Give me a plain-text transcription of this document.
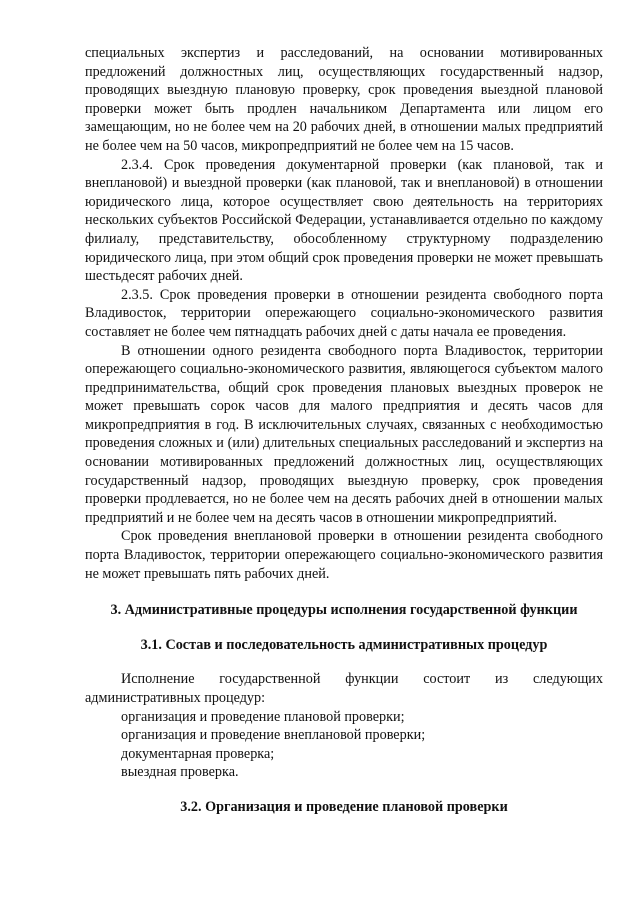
специальных экспертиз и расследований, на основании мотивированных предложений должностных лиц, осуществляющих государственный надзор, проводящих выездную плановую проверку, срок проведения выездной плановой проверки может быть продлен начальником Департамента или лицом его замещающим, но не более чем на 20 рабочих дней, в отношении малых предприятий не более чем на 50 часов, микропредприятий не более чем на 15 часов.

2.3.4. Срок проведения документарной проверки (как плановой, так и внеплановой) и выездной проверки (как плановой, так и внеплановой) в отношении юридического лица, которое осуществляет свою деятельность на территориях нескольких субъектов Российской Федерации, устанавливается отдельно по каждому филиалу, представительству, обособленному структурному подразделению юридического лица, при этом общий срок проведения проверки не может превышать шестьдесят рабочих дней.

2.3.5. Срок проведения проверки в отношении резидента свободного порта Владивосток, территории опережающего социально-экономического развития составляет не более чем пятнадцать рабочих дней с даты начала ее проведения.

В отношении одного резидента свободного порта Владивосток, территории опережающего социально-экономического развития, являющегося субъектом малого предпринимательства, общий срок проведения плановых выездных проверок не может превышать сорок часов для малого предприятия и десять часов для микропредприятия в год. В исключительных случаях, связанных с необходимостью проведения сложных и (или) длительных специальных расследований и экспертиз на основании мотивированных предложений должностных лиц, осуществляющих государственный надзор, проводящих выездную проверку, срок проведения проверки продлевается, но не более чем на десять рабочих дней в отношении малых предприятий и не более чем на десять часов в отношении микропредприятий.

Срок проведения внеплановой проверки в отношении резидента свободного порта Владивосток, территории опережающего социально-экономического развития не может превышать пять рабочих дней.

3. Административные процедуры исполнения государственной функции
3.1. Состав и последовательность административных процедур

Исполнение государственной функции состоит из следующих административных процедур:

организация и проведение плановой проверки;
организация и проведение внеплановой проверки;
документарная проверка;
выездная проверка.
3.2. Организация и проведение плановой проверки
